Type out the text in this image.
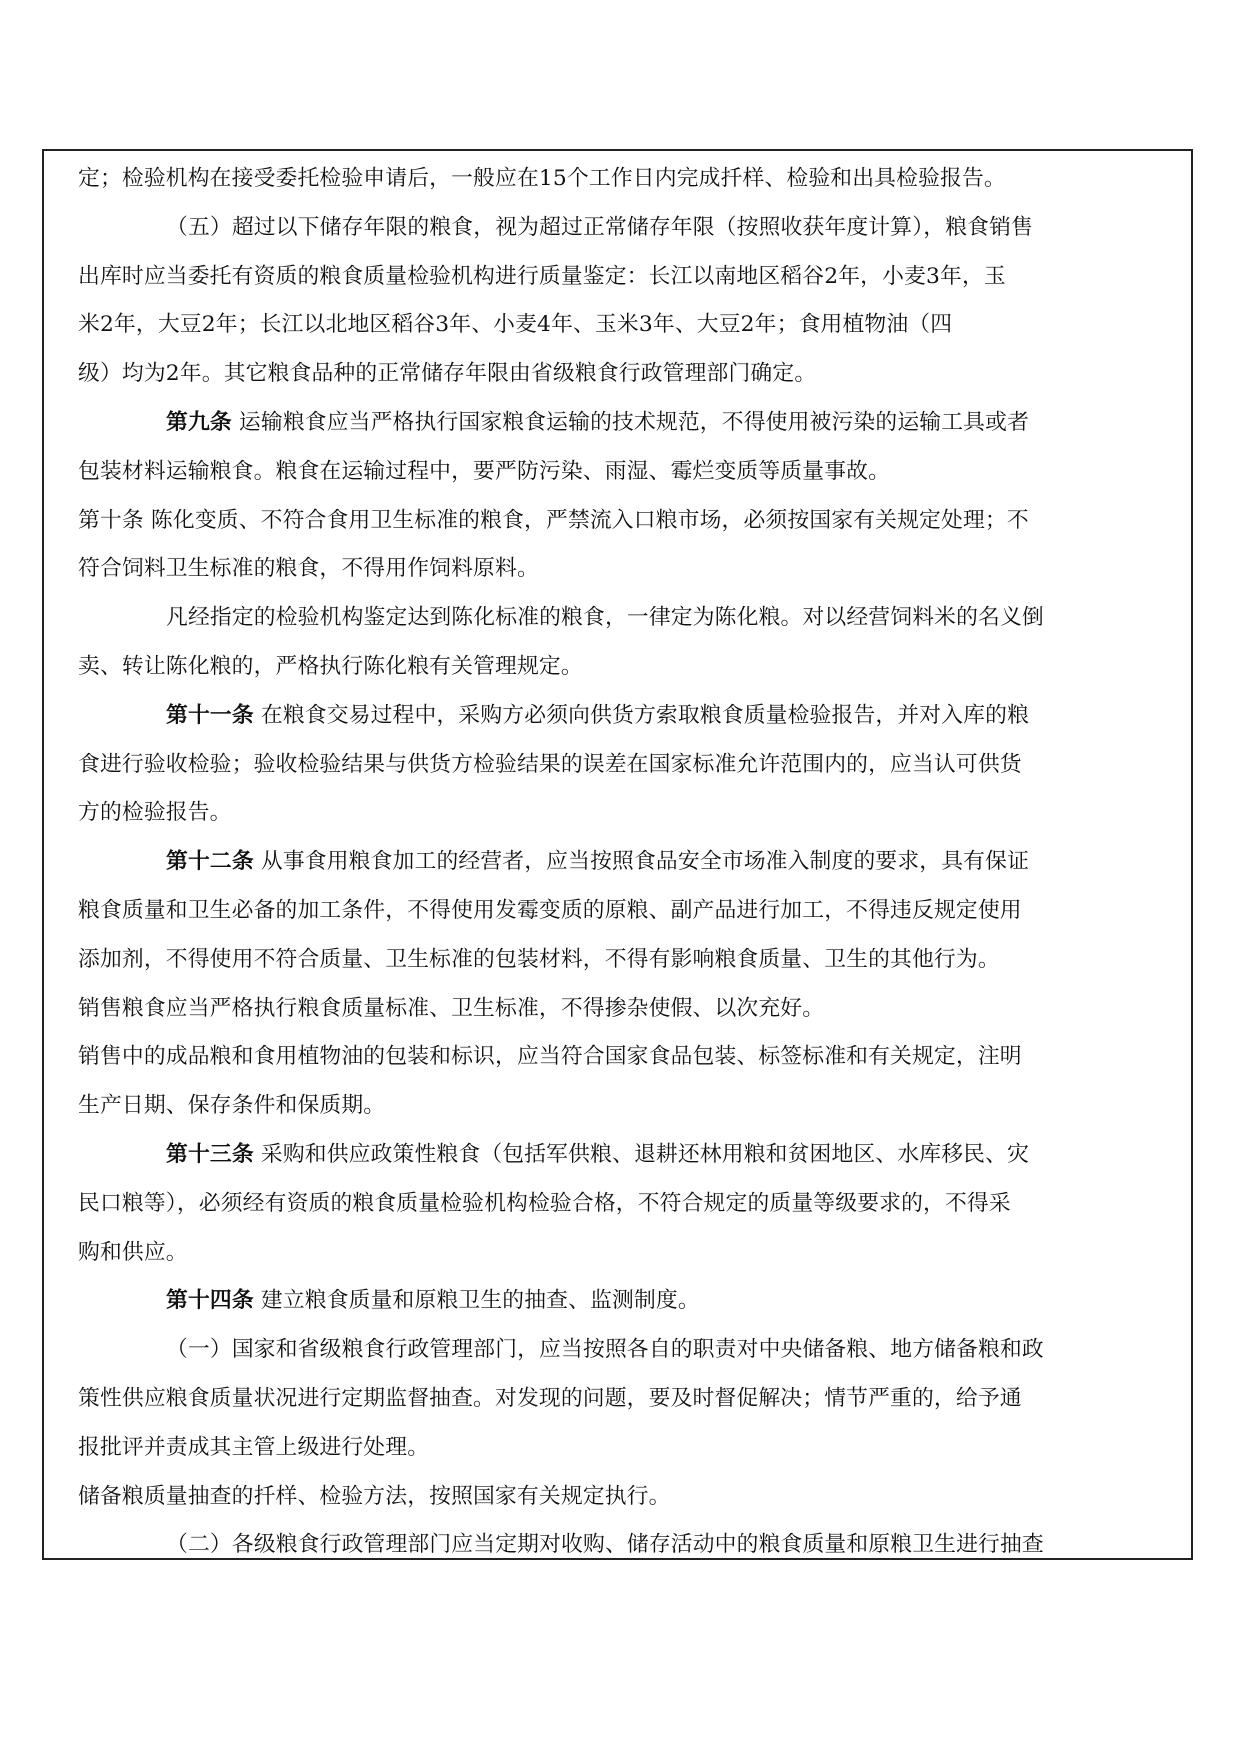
定；检验机构在接受委托检验申请后，一般应在15个工作日内完成扦样、检验和出具检验报告。
（五）超过以下储存年限的粮食，视为超过正常储存年限（按照收获年度计算），粮食销售
出库时应当委托有资质的粮食质量检验机构进行质量鉴定：长江以南地区稻谷2年，小麦3年，玉
米2年，大豆2年；长江以北地区稻谷3年、小麦4年、玉米3年、大豆2年；食用植物油（四
级）均为2年。其它粮食品种的正常储存年限由省级粮食行政管理部门确定。
第九条 运输粮食应当严格执行国家粮食运输的技术规范，不得使用被污染的运输工具或者
包装材料运输粮食。粮食在运输过程中，要严防污染、雨湿、霉烂变质等质量事故。
第十条 陈化变质、不符合食用卫生标准的粮食，严禁流入口粮市场，必须按国家有关规定处理；不
符合饲料卫生标准的粮食，不得用作饲料原料。
凡经指定的检验机构鉴定达到陈化标准的粮食，一律定为陈化粮。对以经营饲料米的名义倒
卖、转让陈化粮的，严格执行陈化粮有关管理规定。
第十一条 在粮食交易过程中，采购方必须向供货方索取粮食质量检验报告，并对入库的粮
食进行验收检验；验收检验结果与供货方检验结果的误差在国家标准允许范围内的，应当认可供货
方的检验报告。
第十二条 从事食用粮食加工的经营者，应当按照食品安全市场准入制度的要求，具有保证
粮食质量和卫生必备的加工条件，不得使用发霉变质的原粮、副产品进行加工，不得违反规定使用
添加剂，不得使用不符合质量、卫生标准的包装材料，不得有影响粮食质量、卫生的其他行为。
销售粮食应当严格执行粮食质量标准、卫生标准，不得掺杂使假、以次充好。
销售中的成品粮和食用植物油的包装和标识，应当符合国家食品包装、标签标准和有关规定，注明
生产日期、保存条件和保质期。
第十三条 采购和供应政策性粮食（包括军供粮、退耕还林用粮和贫困地区、水库移民、灾
民口粮等），必须经有资质的粮食质量检验机构检验合格，不符合规定的质量等级要求的，不得采
购和供应。
第十四条 建立粮食质量和原粮卫生的抽查、监测制度。
（一）国家和省级粮食行政管理部门，应当按照各自的职责对中央储备粮、地方储备粮和政
策性供应粮食质量状况进行定期监督抽查。对发现的问题，要及时督促解决；情节严重的，给予通
报批评并责成其主管上级进行处理。
储备粮质量抽查的扦样、检验方法，按照国家有关规定执行。
（二）各级粮食行政管理部门应当定期对收购、储存活动中的粮食质量和原粮卫生进行抽查
